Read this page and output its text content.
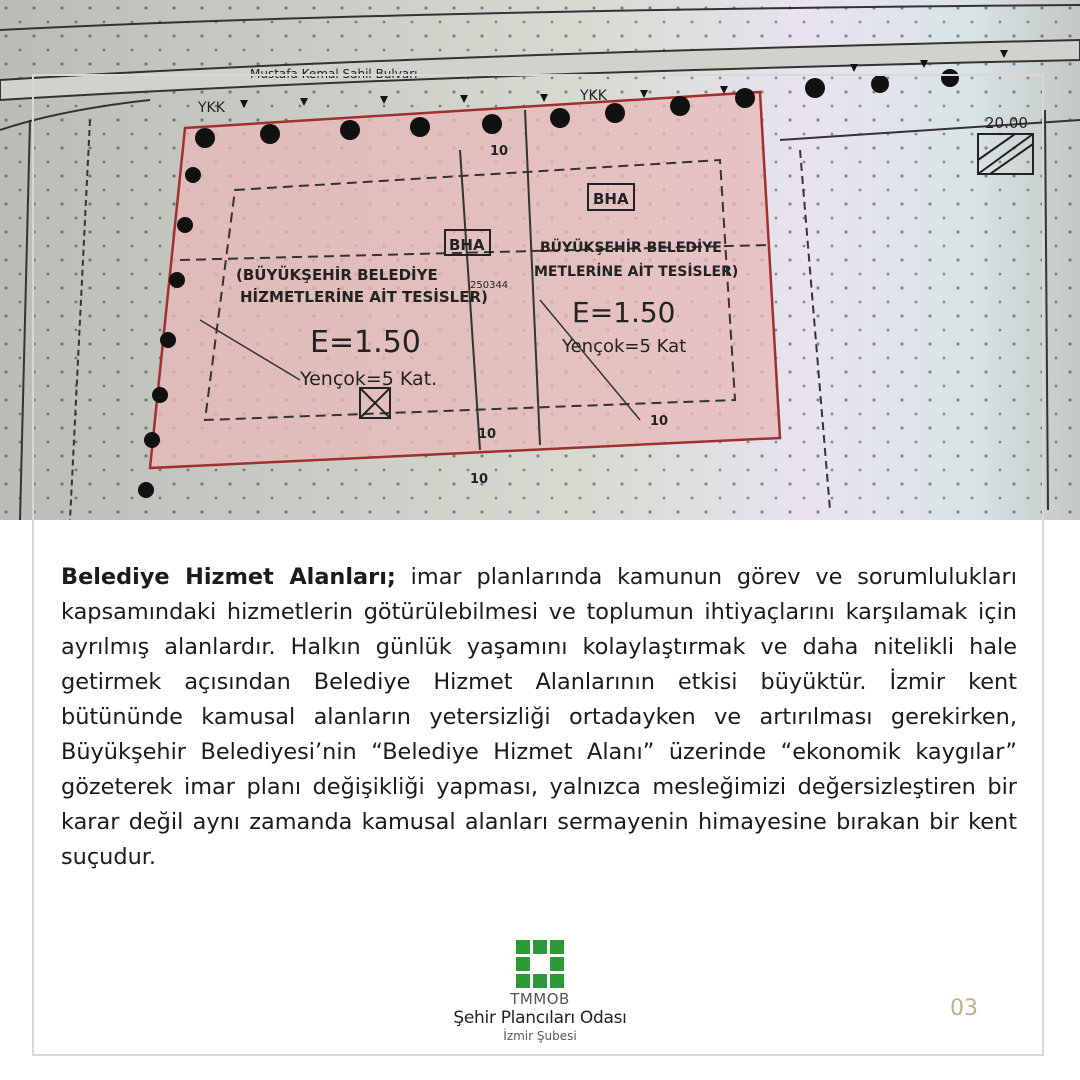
Mustafa Kemal Sahil Bulvarı
YKK
YKK
BHA
BHA
(BÜYÜKŞEHİR BELEDİYE
HİZMETLERİNE AİT TESİSLER)
BÜYÜKŞEHİR BELEDİYE
METLERİNE AİT TESİSLER)
250344
E=1.50
E=1.50
Yençok=5 Kat.
Yençok=5 Kat
20.00
10
10
10
10
Belediye Hizmet Alanları; imar planlarında kamunun görev ve sorumlulukları kapsamındaki hizmetlerin götürülebilmesi ve toplumun ihtiyaçlarını karşılamak için ayrılmış alanlardır. Halkın günlük yaşamını kolaylaştırmak ve daha nitelikli hale getirmek açısından Belediye Hizmet Alanlarının etkisi büyüktür. İzmir kent bütününde kamusal alanların yetersizliği ortadayken ve artırılması gerekirken, Büyükşehir Belediyesi’nin “Belediye Hizmet Alanı” üzerinde “ekonomik kaygılar” gözeterek imar planı değişikliği yapması, yalnızca mesleğimizi değersizleştiren bir karar değil aynı zamanda kamusal alanları sermayenin himayesine bırakan bir kent suçudur.
TMMOB
Şehir Plancıları Odası
İzmir Şubesi
03
